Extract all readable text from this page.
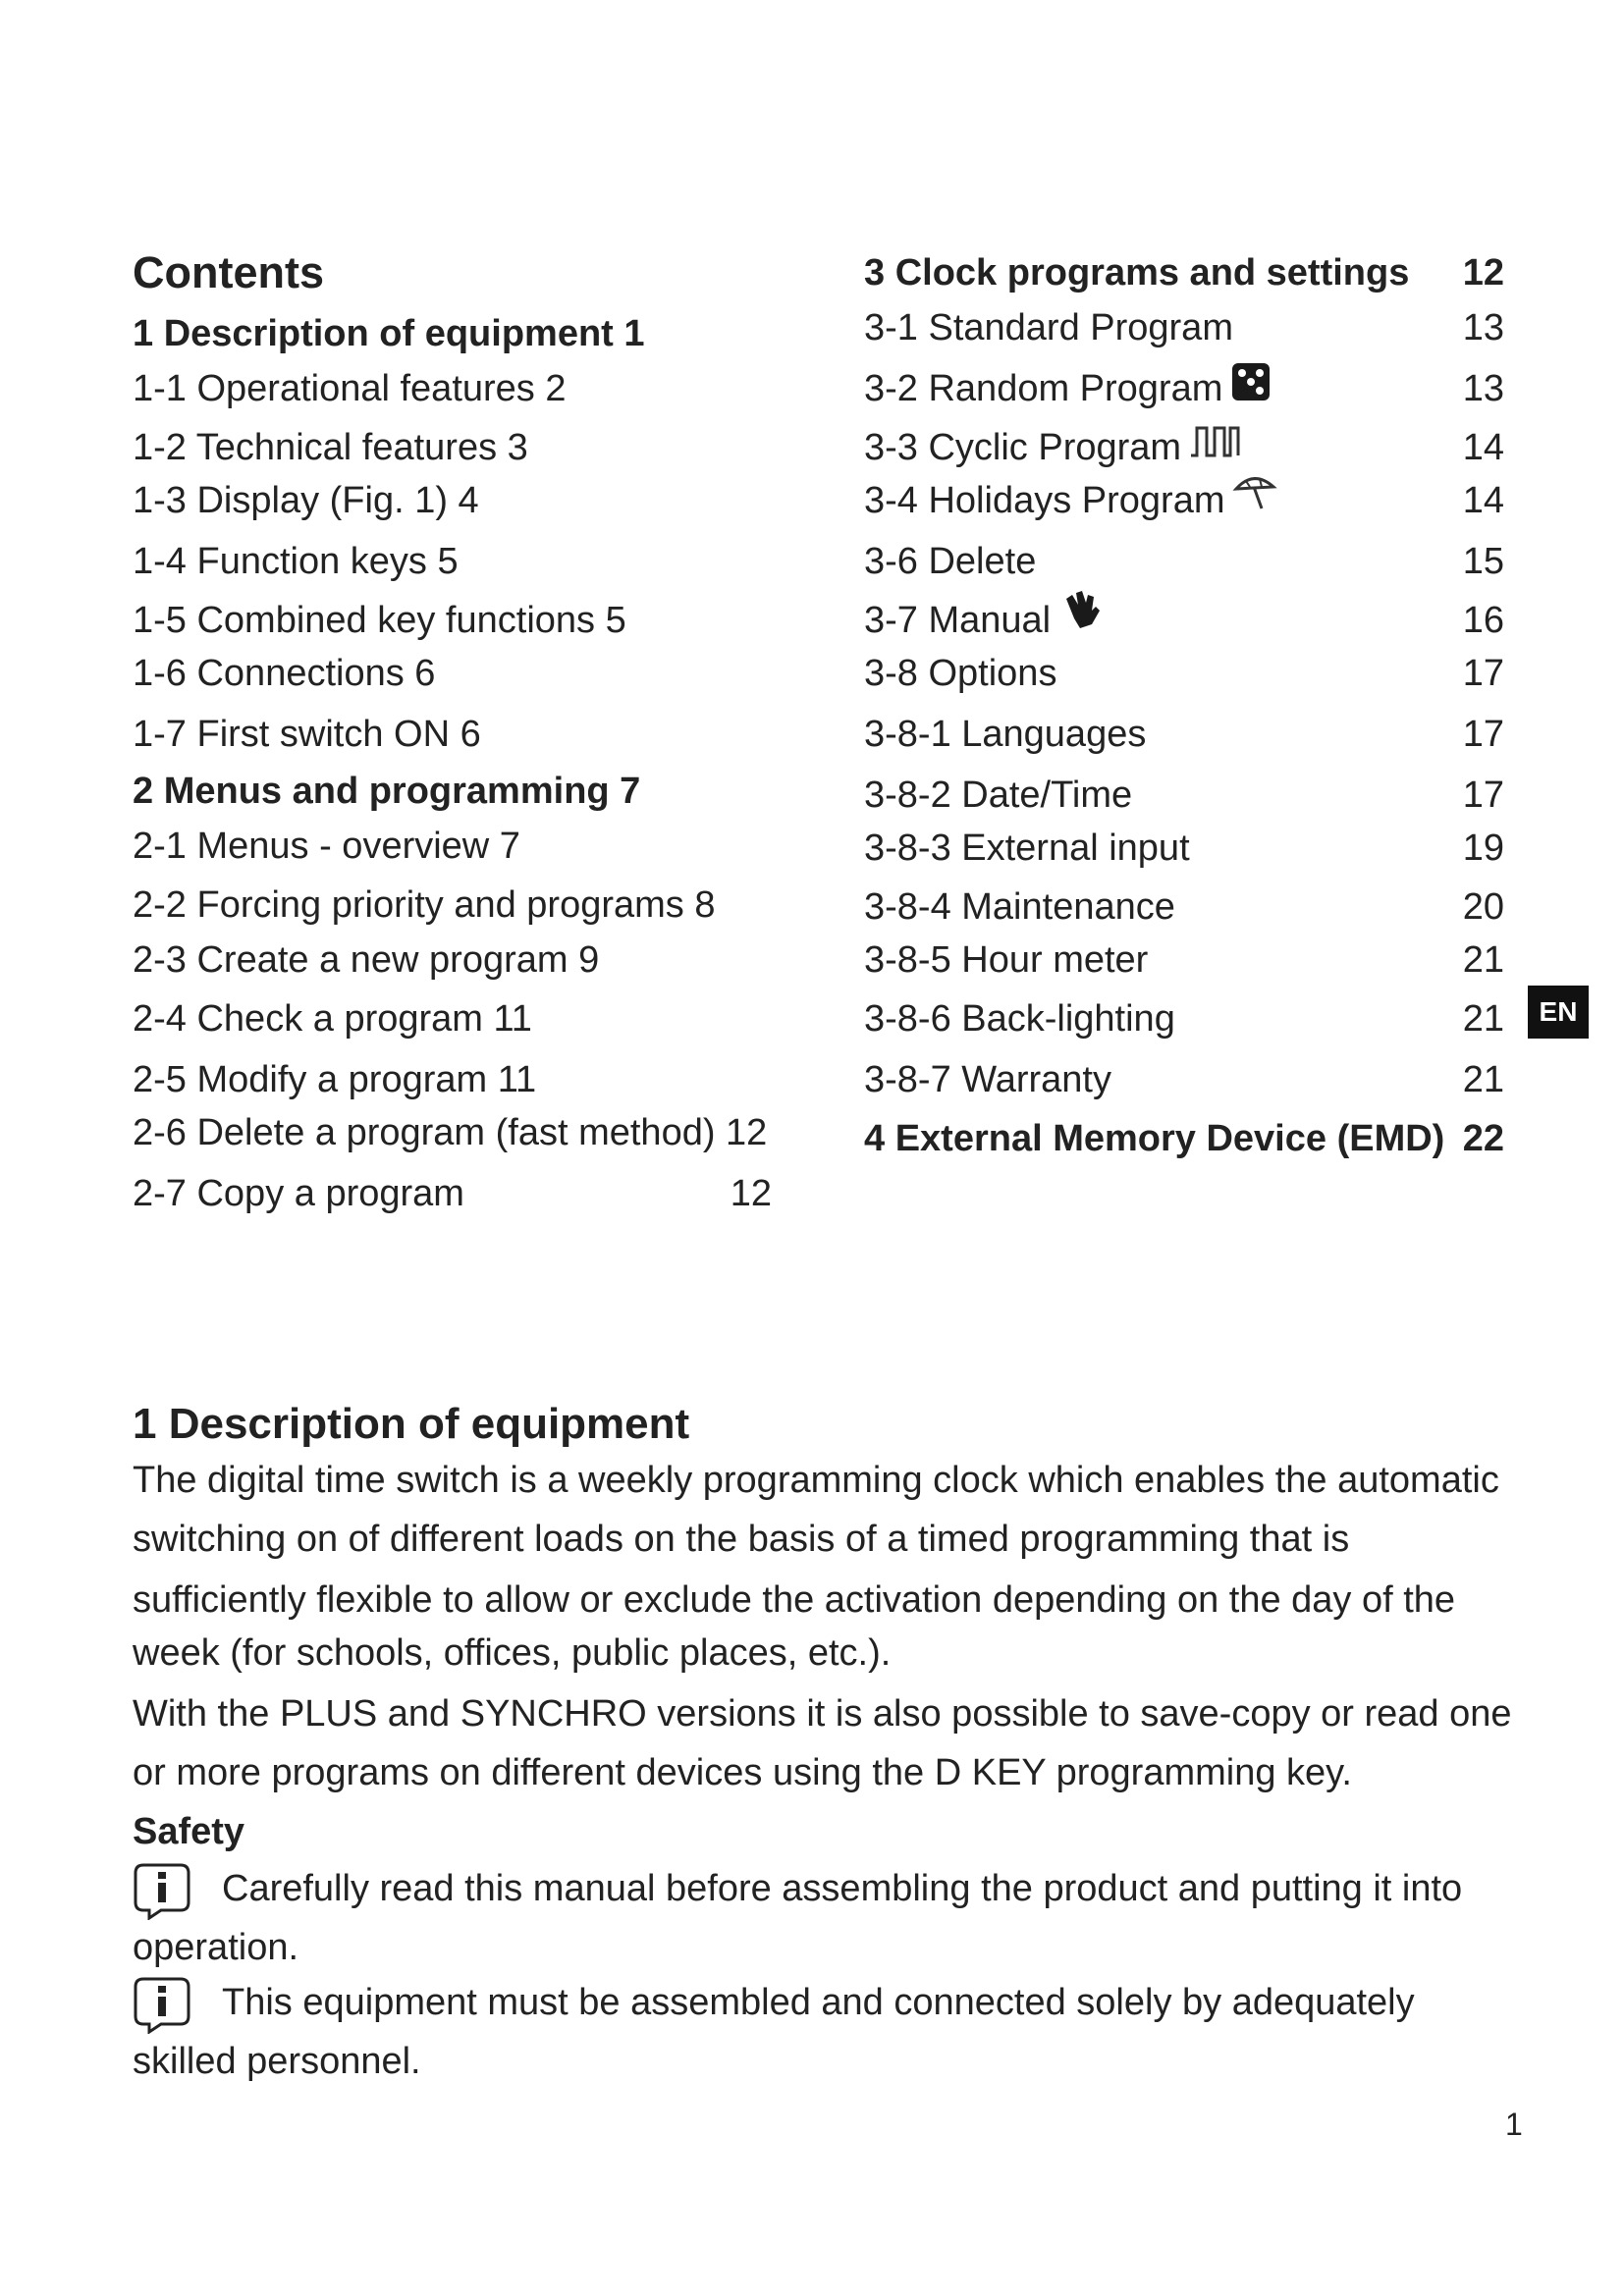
Contents
1 Description of equipment 1
1-1 Operational features 2
1-2 Technical features 3
1-3 Display (Fig. 1) 4
1-4 Function keys 5
1-5 Combined key functions 5
1-6 Connections 6
1-7 First switch ON 6
2 Menus and programming 7
2-1 Menus - overview 7
2-2 Forcing priority and programs 8
2-3 Create a new program 9
2-4 Check a program 11
2-5 Modify a program 11
2-6 Delete a program (fast method) 12
2-7 Copy a program	12
3 Clock programs and settings	12
3-1 Standard Program	13
3-2 Random Program	13
3-3 Cyclic Program	14
3-4 Holidays Program	14
3-6 Delete	15
3-7 Manual	16
3-8 Options	17
3-8-1 Languages	17
3-8-2 Date/Time	17
3-8-3 External input	19
3-8-4 Maintenance	20
3-8-5 Hour meter	21
3-8-6 Back-lighting	21
3-8-7 Warranty	21
4 External Memory Device (EMD) 22
EN
1 Description of equipment
The digital time switch is a weekly programming clock which enables the automatic
switching on of different loads on the basis of a timed programming that is
sufficiently flexible to allow or exclude the activation depending on the day of the
week (for schools, offices, public places, etc.).
With the PLUS and SYNCHRO versions it is also possible to save-copy or read one
or more programs on different devices using the D KEY programming key.
Safety
Carefully read this manual before assembling the product and putting it into
operation.
This equipment must be assembled and connected solely by adequately
skilled personnel.
1
